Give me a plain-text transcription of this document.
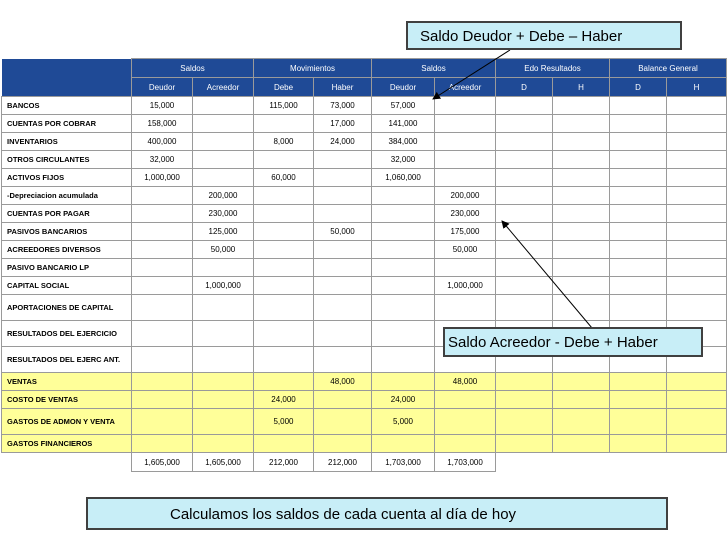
	Saldos		Movimientos		Saldos		Edo Resultados		Balance General	
	Deudor	Acreedor	Debe	Haber	Deudor	Acreedor	D	H	D	H
BANCOS	15,000		115,000	73,000	57,000					
CUENTAS POR COBRAR	158,000			17,000	141,000					
INVENTARIOS	400,000		8,000	24,000	384,000					
OTROS CIRCULANTES	32,000				32,000					
ACTIVOS FIJOS	1,000,000		60,000		1,060,000					
-Depreciacion acumulada		200,000				200,000				
CUENTAS POR PAGAR		230,000				230,000				
PASIVOS BANCARIOS		125,000		50,000		175,000				
ACREEDORES DIVERSOS		50,000				50,000				
PASIVO BANCARIO LP										
CAPITAL SOCIAL		1,000,000				1,000,000				
APORTACIONES DE CAPITAL										
RESULTADOS DEL EJERCICIO										
RESULTADOS DEL EJERC ANT.										
VENTAS				48,000		48,000				
COSTO DE VENTAS			24,000		24,000					
GASTOS DE ADMON Y VENTA			5,000		5,000					
GASTOS FINANCIEROS										
	1,605,000	1,605,000	212,000	212,000	1,703,000	1,703,000				
Saldo Deudor + Debe – Haber
Saldo Acreedor - Debe + Haber
Calculamos los saldos de cada cuenta al día de hoy
